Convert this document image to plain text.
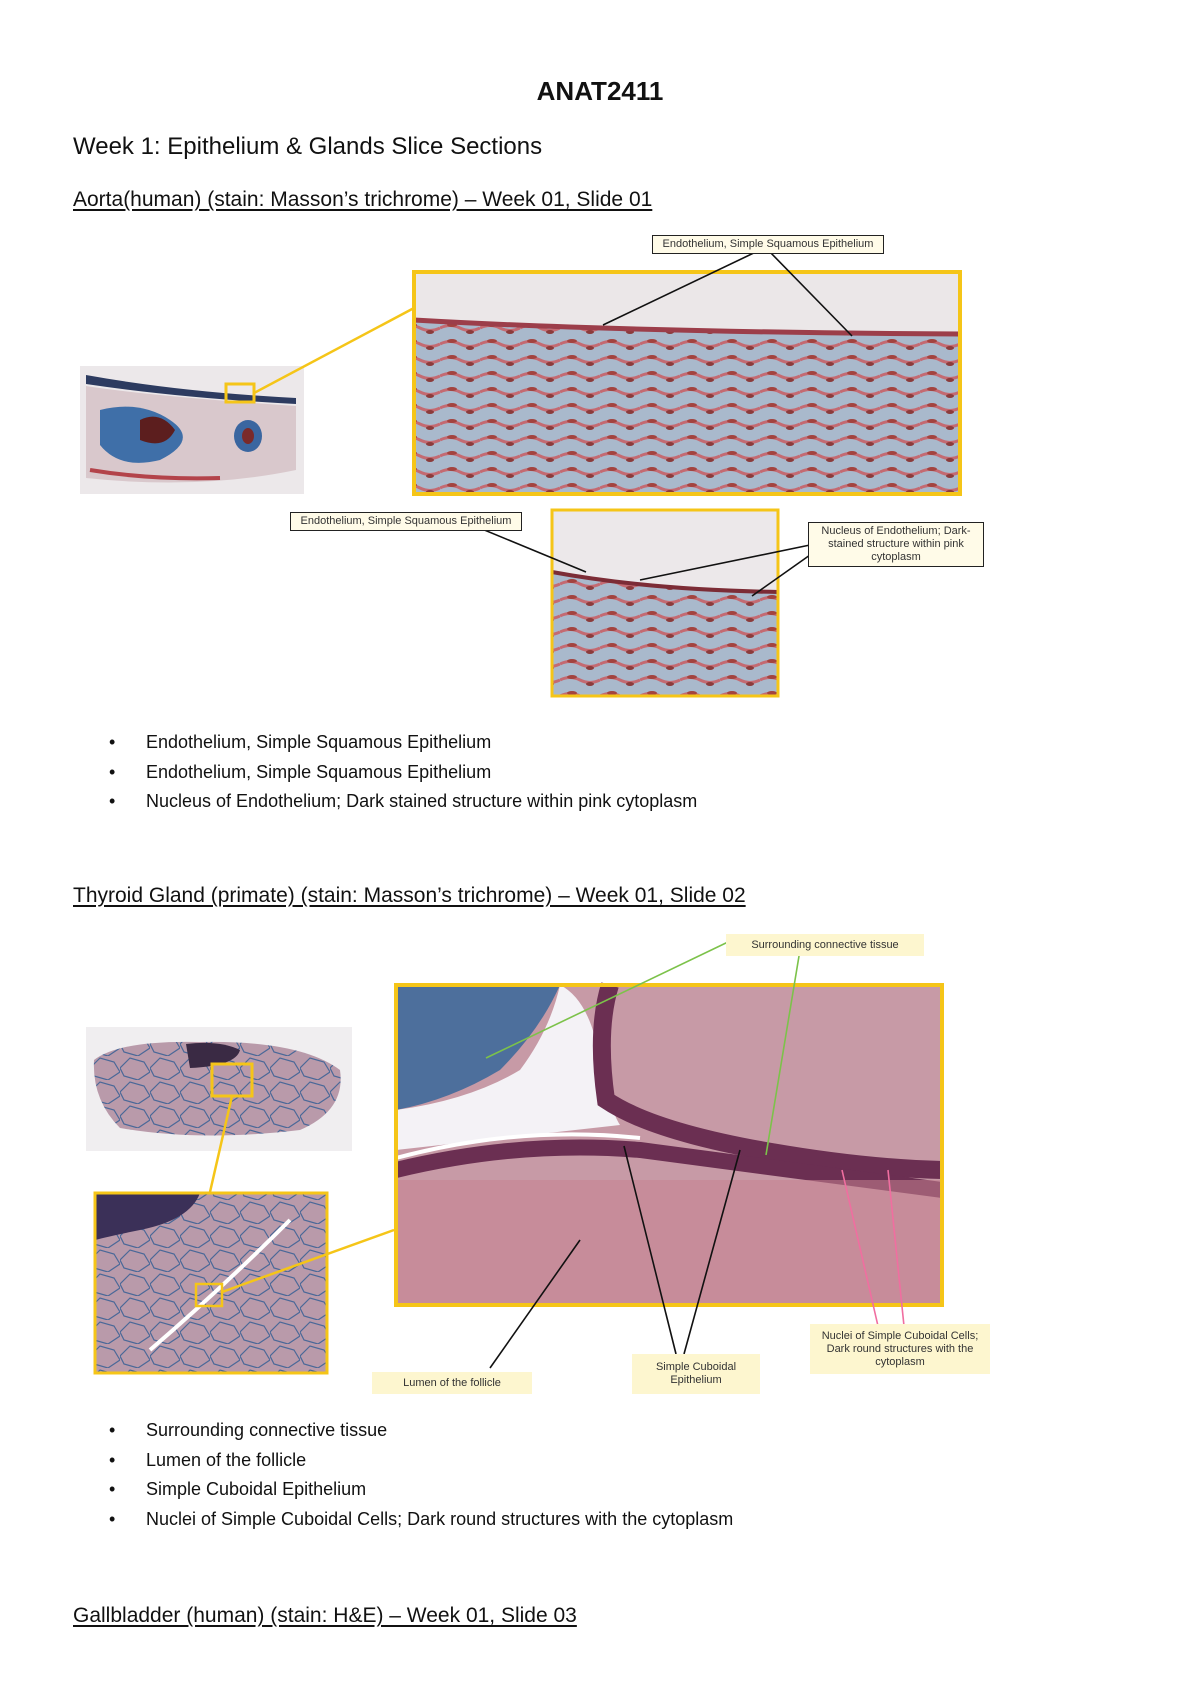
ANAT2411
Week 1: Epithelium & Glands Slice Sections
Aorta(human) (stain: Masson’s trichrome) – Week 01, Slide 01
Endothelium, Simple Squamous Epithelium
Endothelium, Simple Squamous Epithelium
Nucleus of Endothelium; Dark-stained structure within pink cytoplasm
• Endothelium, Simple Squamous Epithelium
• Endothelium, Simple Squamous Epithelium
• Nucleus of Endothelium; Dark stained structure within pink cytoplasm
Thyroid Gland (primate) (stain: Masson’s trichrome) – Week 01, Slide 02
Surrounding connective tissue
Lumen of the follicle
Simple Cuboidal Epithelium
Nuclei of Simple Cuboidal Cells; Dark round structures with the cytoplasm
• Surrounding connective tissue
• Lumen of the follicle
• Simple Cuboidal Epithelium
• Nuclei of Simple Cuboidal Cells; Dark round structures with the cytoplasm
Gallbladder (human) (stain: H&E) – Week 01, Slide 03
